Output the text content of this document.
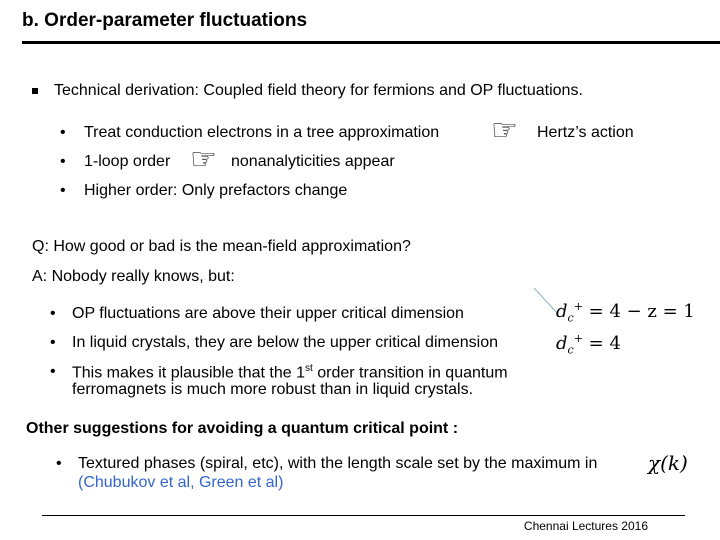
b. Order-parameter fluctuations
Technical derivation: Coupled field theory for fermions and OP fluctuations.
• Treat conduction electrons in a tree approximation ☞ Hertz’s action
• 1-loop order ☞ nonanalyticities appear
• Higher order: Only prefactors change
Q: How good or bad is the mean-field approximation?
A: Nobody really knows, but:
• OP fluctuations are above their upper critical dimension	$d_c^+ = 4 - z = 1$
• In liquid crystals, they are below the upper critical dimension	$d_c^+ = 4$
• This makes it plausible that the 1st order transition in quantum
ferromagnets is much more robust than in liquid crystals.
Other suggestions for avoiding a quantum critical point :
• Textured phases (spiral, etc), with the length scale set by the maximum in
(Chubukov et al, Green et al)
χ(k)
Chennai Lectures 2016
